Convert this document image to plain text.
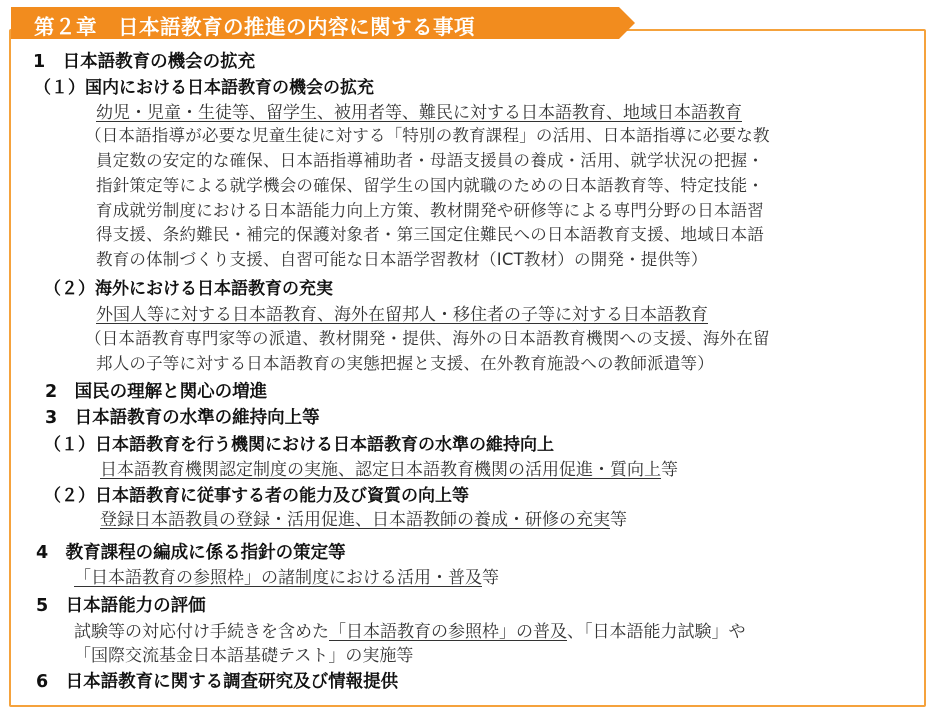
第２章　日本語教育の推進の内容に関する事項
1　日本語教育の機会の拡充
（１）国内における日本語教育の機会の拡充
幼児・児童・生徒等、留学生、被用者等、難民に対する日本語教育、地域日本語教育
（日本語指導が必要な児童生徒に対する「特別の教育課程」の活用、日本語指導に必要な教
員定数の安定的な確保、日本語指導補助者・母語支援員の養成・活用、就学状況の把握・
指針策定等による就学機会の確保、留学生の国内就職のための日本語教育等、特定技能・
育成就労制度における日本語能力向上方策、教材開発や研修等による専門分野の日本語習
得支援、条約難民・補完的保護対象者・第三国定住難民への日本語教育支援、地域日本語
教育の体制づくり支援、自習可能な日本語学習教材（ICT教材）の開発・提供等）
（２）海外における日本語教育の充実
外国人等に対する日本語教育、海外在留邦人・移住者の子等に対する日本語教育
（日本語教育専門家等の派遣、教材開発・提供、海外の日本語教育機関への支援、海外在留
邦人の子等に対する日本語教育の実態把握と支援、在外教育施設への教師派遣等）
2　国民の理解と関心の増進
3　日本語教育の水準の維持向上等
（１）日本語教育を行う機関における日本語教育の水準の維持向上
日本語教育機関認定制度の実施、認定日本語教育機関の活用促進・質向上等
（２）日本語教育に従事する者の能力及び資質の向上等
登録日本語教員の登録・活用促進、日本語教師の養成・研修の充実等
4　教育課程の編成に係る指針の策定等
「日本語教育の参照枠」の諸制度における活用・普及等
5　日本語能力の評価
試験等の対応付け手続きを含めた「日本語教育の参照枠」の普及、「日本語能力試験」や
「国際交流基金日本語基礎テスト」の実施等
6　日本語教育に関する調査研究及び情報提供
